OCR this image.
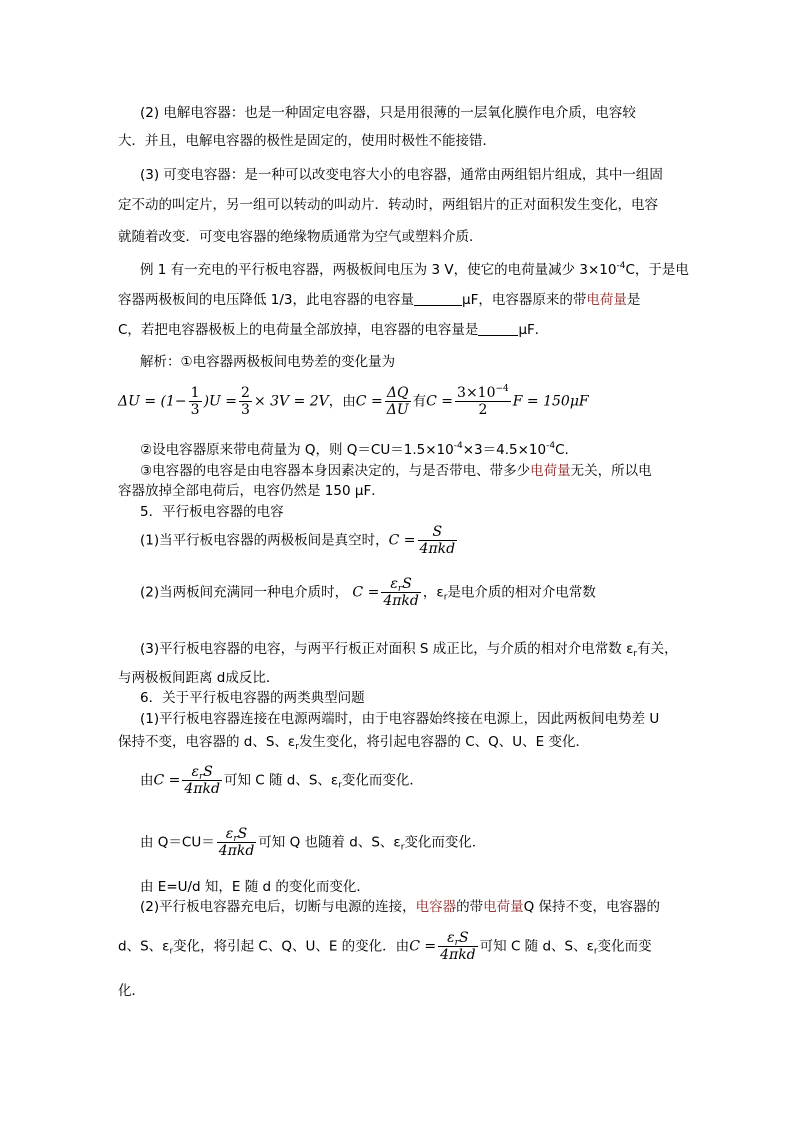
(2) 电解电容器：也是一种固定电容器，只是用很薄的一层氧化膜作电介质，电容较
大．并且，电解电容器的极性是固定的，使用时极性不能接错．
(3) 可变电容器：是一种可以改变电容大小的电容器，通常由两组铝片组成，其中一组固
定不动的叫定片，另一组可以转动的叫动片．转动时，两组铝片的正对面积发生变化，电容
就随着改变．可变电容器的绝缘物质通常为空气或塑料介质．
例 1 有一充电的平行板电容器，两极板间电压为 3 V，使它的电荷量减少 $3\times 10^{-4}C$，于是电
容器两极板间的电压降低 1/3，此电容器的电容量	μF，电容器原来的带电荷量是
C，若把电容器极板上的电荷量全部放掉，电容器的电容量是	μF．
解析：①电容器两极板间电势差的变化量为
$\Delta U = (1- \frac{1}{3} )U = \frac{2}{3} \times 3V = 2V$，由$C = \frac{\Delta Q}{\Delta U}$ 有$C = \frac{3\times 10^{-4}}{2}$ F = 150μF
②设电容器原来带电荷量为 Q，则 $Q=CU=1.5\times 10^{-4}\times 3=4.5\times 10^{-4}C$.
③电容器的电容是由电容器本身因素决定的，与是否带电、带多少电荷量无关，所以电
容器放掉全部电荷后，电容仍然是 150 μF．
5．平行板电容器的电容
(1)当平行板电容器的两极板间是真空时，$C = \frac{S}{\text{4πkd}}$
(2)当两板间充满同一种电介质时， $C = \frac{\varepsilon_rS}{\text{4πkd}}$ ，$\varepsilon_r$是电介质的相对介电常数
(3)平行板电容器的电容，与两平行板正对面积 S 成正比，与介质的相对介电常数 $\varepsilon_r$有关，
与两极板间距离 d成反比．
6．关于平行板电容器的两类典型问题
(1)平行板电容器连接在电源两端时，由于电容器始终接在电源上，因此两板间电势差 U
保持不变，电容器的 d、S、$\varepsilon_r$发生变化，将引起电容器的 C、Q、U、E 变化．
由$C = \frac{\varepsilon_rS}{\text{4πkd}}$ 可知 C 随 d、S、$\varepsilon_r$变化而变化．
由 $Q=CU= \frac{\varepsilon_rS}{\text{4πkd}}$ 可知 Q 也随着 d、S、$\varepsilon_r$变化而变化．
由 E=U/d 知，E 随 d 的变化而变化．
(2)平行板电容器充电后，切断与电源的连接，电容器的带电荷量Q 保持不变，电容器的
d、S、$\varepsilon_r$变化，将引起 C、Q、U、E 的变化．由$C = \frac{\varepsilon_rS}{\text{4πkd}}$ 可知 C 随 d、S、$\varepsilon_r$变化而变
化．
